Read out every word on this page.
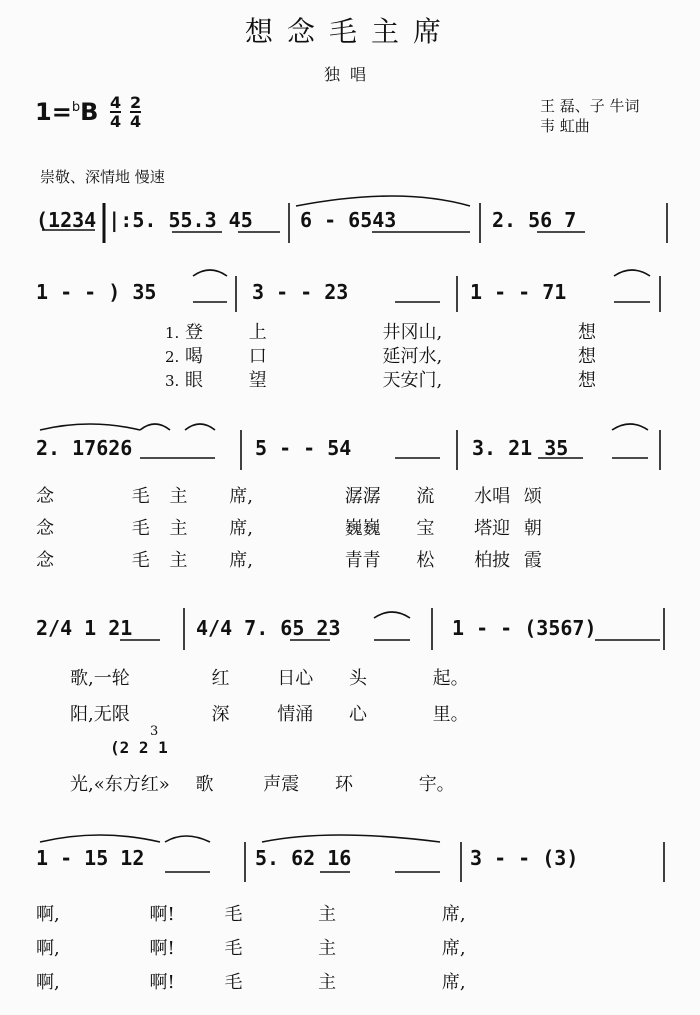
想念毛主席
独唱
1=$^b$B 4
4
2
4
王 磊、子 牛词
韦 虹曲
崇敬、深情地 慢速
(1234 |:5. 55.3 45 6 - 6543	2. 56 7
1 - - ) 35	3 - - 23	1 - - 71
1. 登	上	井冈山,	想
2. 喝	口	延河水,	想
3. 眼	望	天安门,	想
2. 17626	5 - - 54	3. 21 35
念	毛 主 席,	潺潺 流 水唱 颂
念	毛 主 席,	巍巍 宝 塔迎 朝
念	毛 主 席,	青青 松 柏披 霞
2/4 1 21	4/4 7. 65 23	1 - - (3567)
歌,一轮	红	日心 头	起。
阳,无限	深	情涌 心	里。
(2 2 1
3
光,«东方红» 歌	声震 环	宇。
1 - 15 12	5. 62 16	3 - - (3)
啊,	啊!	毛	主	席,
啊,	啊!	毛	主	席,
啊,	啊!	毛	主	席,
